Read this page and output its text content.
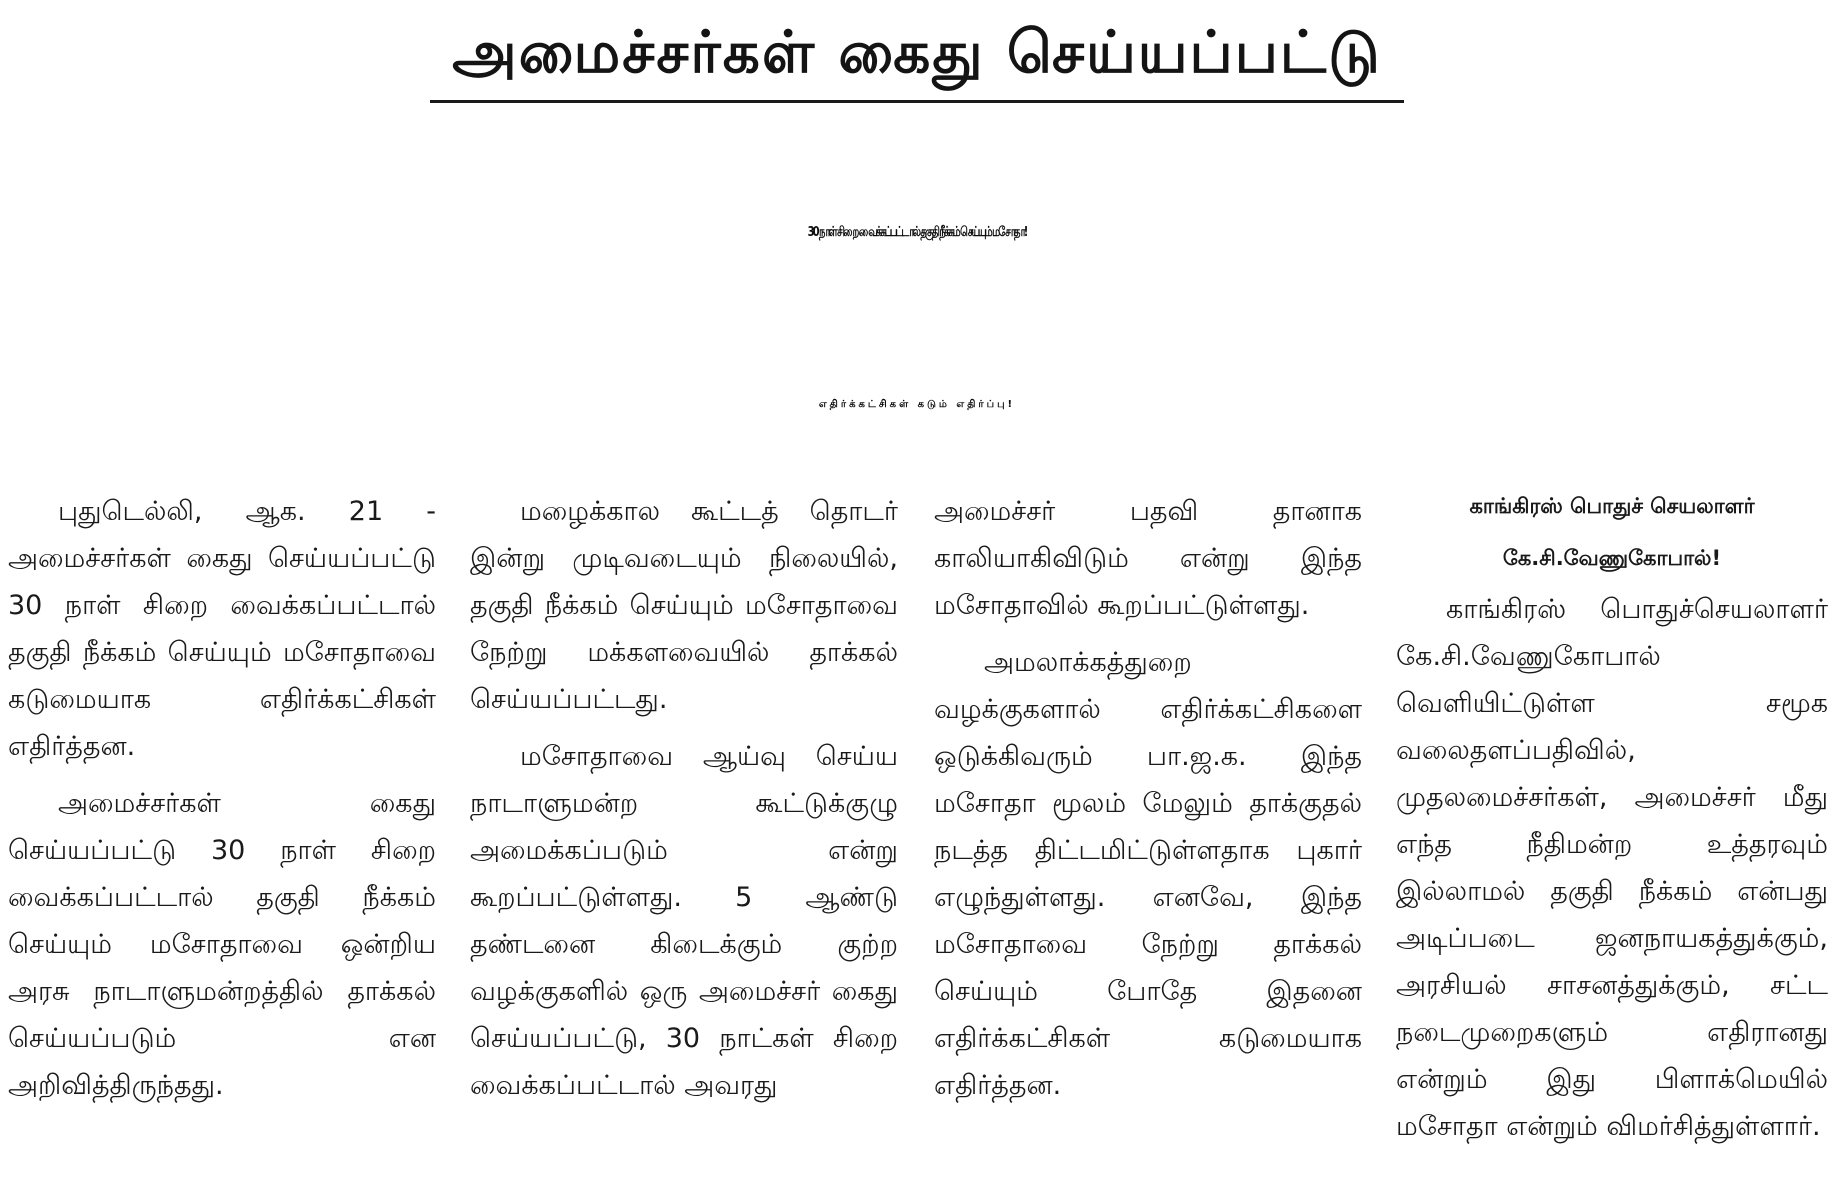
அமைச்சர்கள் கைது செய்யப்பட்டு
30 நாள் சிறை வைக்கப்பட்டால் தகுதி நீக்கம் செய்யும் மசோதா!
எதிர்க்கட்சிகள் கடும் எதிர்ப்பு!

புதுடெல்லி, ஆக. 21 - அமைச்சர்கள் கைது செய்யப்பட்டு 30 நாள் சிறை வைக்கப்பட்டால் தகுதி நீக்கம் செய்யும் மசோதாவை கடுமையாக எதிர்க்கட்சிகள் எதிர்த்தன.

அமைச்சர்கள் கைது செய்யப்பட்டு 30 நாள் சிறை வைக்கப்பட்டால் தகுதி நீக்கம் செய்யும் மசோதாவை ஒன்றிய அரசு நாடாளுமன்றத்தில் தாக்கல் செய்யப்படும் என அறிவித்திருந்தது.

மழைக்கால கூட்டத் தொடர் இன்று முடிவடையும் நிலையில், தகுதி நீக்கம் செய்யும் மசோதாவை நேற்று மக்களவையில் தாக்கல் செய்யப்பட்டது.

மசோதாவை ஆய்வு செய்ய நாடாளுமன்ற கூட்டுக்குழு அமைக்கப்படும் என்று கூறப்பட்டுள்ளது. 5 ஆண்டு தண்டனை கிடைக்கும் குற்ற வழக்குகளில் ஒரு அமைச்சர் கைது செய்யப்பட்டு, 30 நாட்கள் சிறை வைக்கப்பட்டால் அவரது

அமைச்சர் பதவி தானாக காலியாகிவிடும் என்று இந்த மசோதாவில் கூறப்பட்டுள்ளது.

அமலாக்கத்துறை வழக்குகளால் எதிர்க்கட்சிகளை ஒடுக்கிவரும் பா.ஜ.க. இந்த மசோதா மூலம் மேலும் தாக்குதல் நடத்த திட்டமிட்டுள்ளதாக புகார் எழுந்துள்ளது. எனவே, இந்த மசோதாவை நேற்று தாக்கல் செய்யும் போதே இதனை எதிர்க்கட்சிகள் கடுமையாக எதிர்த்தன.

காங்கிரஸ் பொதுச் செயலாளர்

கே.சி.வேணுகோபால்!

காங்கிரஸ் பொதுச்செயலாளர் கே.சி.வேணுகோபால் வெளியிட்டுள்ள சமூக வலைதளப்பதிவில், முதலமைச்சர்கள், அமைச்சர் மீது எந்த நீதிமன்ற உத்தரவும் இல்லாமல் தகுதி நீக்கம் என்பது அடிப்படை ஜனநாயகத்துக்கும், அரசியல் சாசனத்துக்கும், சட்ட நடைமுறைகளும் எதிரானது என்றும் இது பிளாக்மெயில் மசோதா என்றும் விமர்சித்துள்ளார்.
